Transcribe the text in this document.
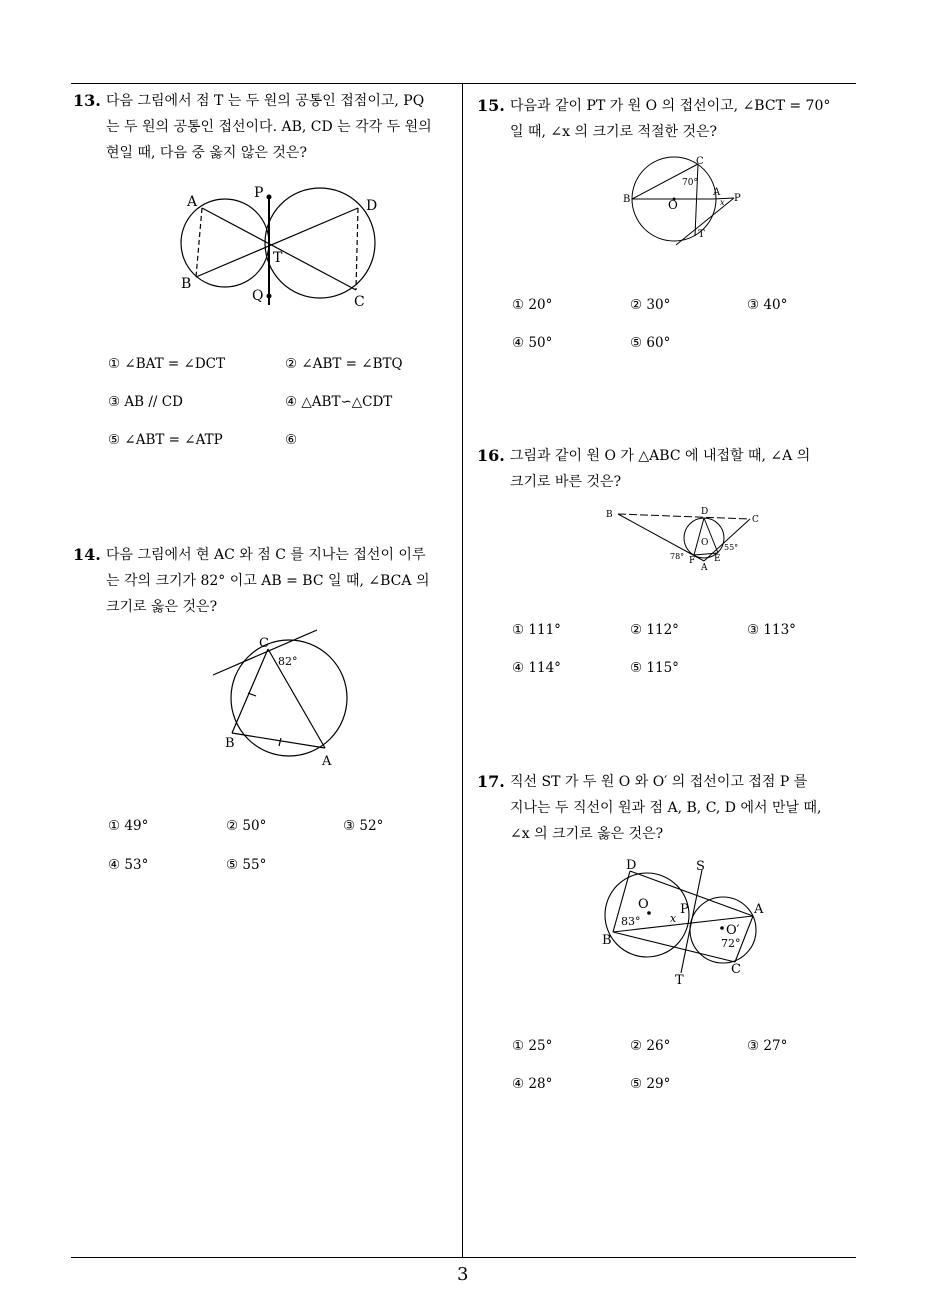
13. 다음 그림에서 점 T 는 두 원의 공통인 접점이고, PQ
는 두 원의 공통인 접선이다. AB, CD 는 각각 두 원의
현일 때, 다음 중 옳지 않은 것은?
A
B
P
Q
T
D
C
① ∠BAT = ∠DCT	② ∠ABT = ∠BTQ
③ AB // CD	④ △ABT∽△CDT
⑤ ∠ABT = ∠ATP	⑥
14. 다음 그림에서 현 AC 와 점 C 를 지나는 접선이 이루
는 각의 크기가 82° 이고 AB = BC 일 때, ∠BCA 의
크기로 옳은 것은?
C
82°
B
A
① 49°	② 50°	③ 52°
④ 53°	⑤ 55°
15. 다음과 같이 PT 가 원 O 의 접선이고, ∠BCT = 70°
일 때, ∠x 의 크기로 적절한 것은?
C
70°
A
B	O	x P
T
① 20°	② 30°	③ 40°
④ 50°	⑤ 60°
16. 그림과 같이 원 O 가 △ABC 에 내접할 때, ∠A 의
크기로 바른 것은?
B	C
D
O
78°
55°
F E
A
① 111°	② 112°	③ 113°
④ 114°	⑤ 115°
17. 직선 ST 가 두 원 O 와 O′ 의 접선이고 접점 P 를
지나는 두 직선이 원과 점 A, B, C, D 에서 만날 때,
∠x 의 크기로 옳은 것은?
D	S
O P
x
A
83°
O′
72°
B
C
T
① 25°	② 26°	③ 27°
④ 28°	⑤ 29°
3
